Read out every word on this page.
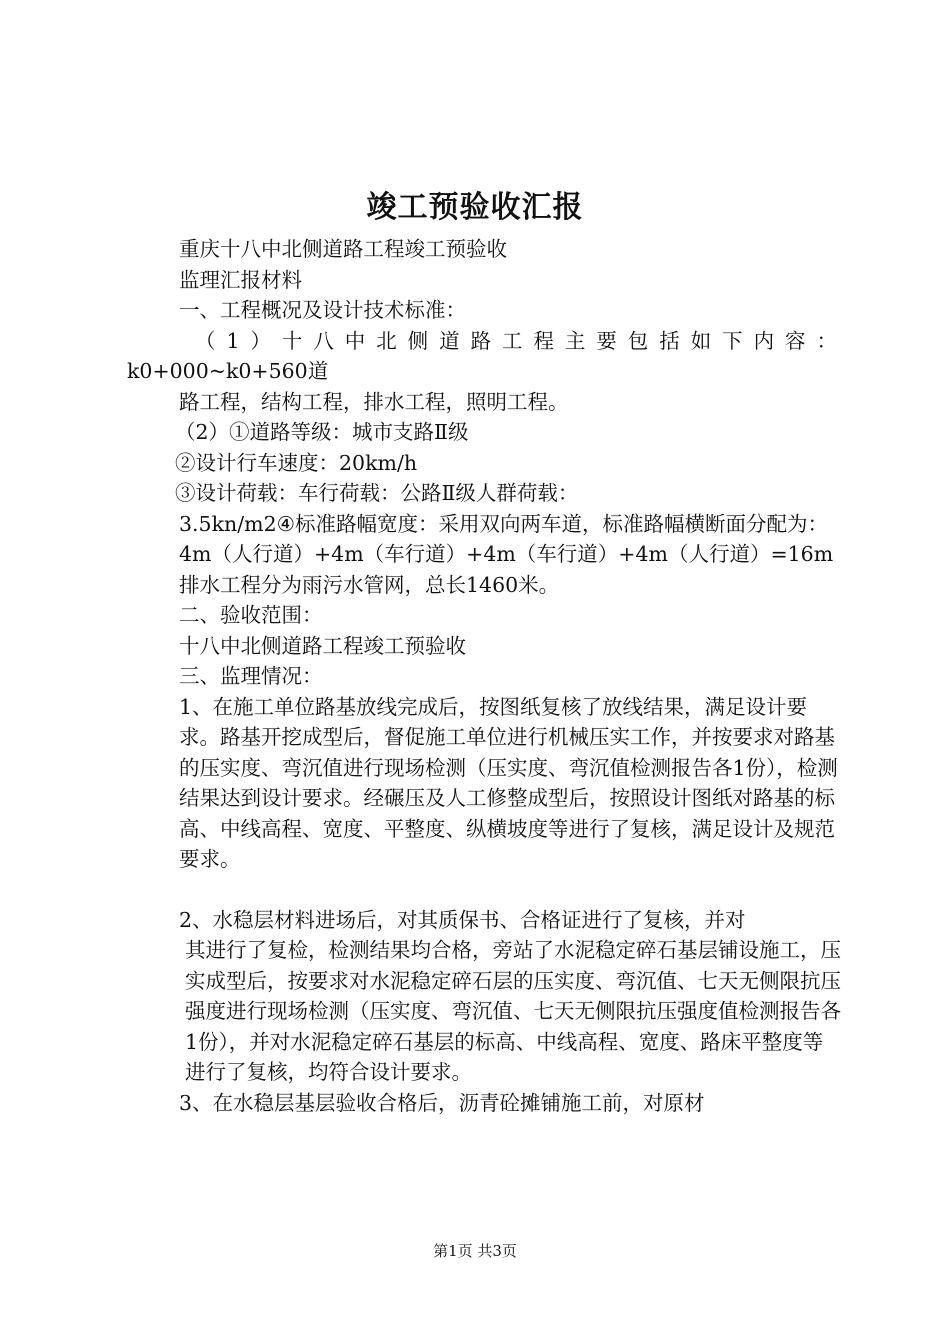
竣工预验收汇报

重庆十八中北侧道路工程竣工预验收

监理汇报材料

一、工程概况及设计技术标准：

（1）十八中北侧道路工程主要包括如下内容：

k0+000~k0+560道

路工程，结构工程，排水工程，照明工程。

（2）①道路等级：城市支路Ⅱ级

②设计行车速度：20km/h

③设计荷载：车行荷载：公路Ⅱ级人群荷载：

3.5kn/m2④标准路幅宽度：采用双向两车道，标准路幅横断面分配为：4m（人行道）+4m（车行道）+4m（车行道）+4m（人行道）=16m排水工程分为雨污水管网，总长1460米。

二、验收范围：

十八中北侧道路工程竣工预验收

三、监理情况：

1、在施工单位路基放线完成后，按图纸复核了放线结果，满足设计要求。路基开挖成型后，督促施工单位进行机械压实工作，并按要求对路基的压实度、弯沉值进行现场检测（压实度、弯沉值检测报告各1份），检测结果达到设计要求。经碾压及人工修整成型后，按照设计图纸对路基的标高、中线高程、宽度、平整度、纵横坡度等进行了复核，满足设计及规范要求。

2、水稳层材料进场后，对其质保书、合格证进行了复核，并对

其进行了复检，检测结果均合格，旁站了水泥稳定碎石基层铺设施工，压实成型后，按要求对水泥稳定碎石层的压实度、弯沉值、七天无侧限抗压强度进行现场检测（压实度、弯沉值、七天无侧限抗压强度值检测报告各1份），并对水泥稳定碎石基层的标高、中线高程、宽度、路床平整度等进行了复核，均符合设计要求。

3、在水稳层基层验收合格后，沥青砼摊铺施工前，对原材

第1页 共3页
